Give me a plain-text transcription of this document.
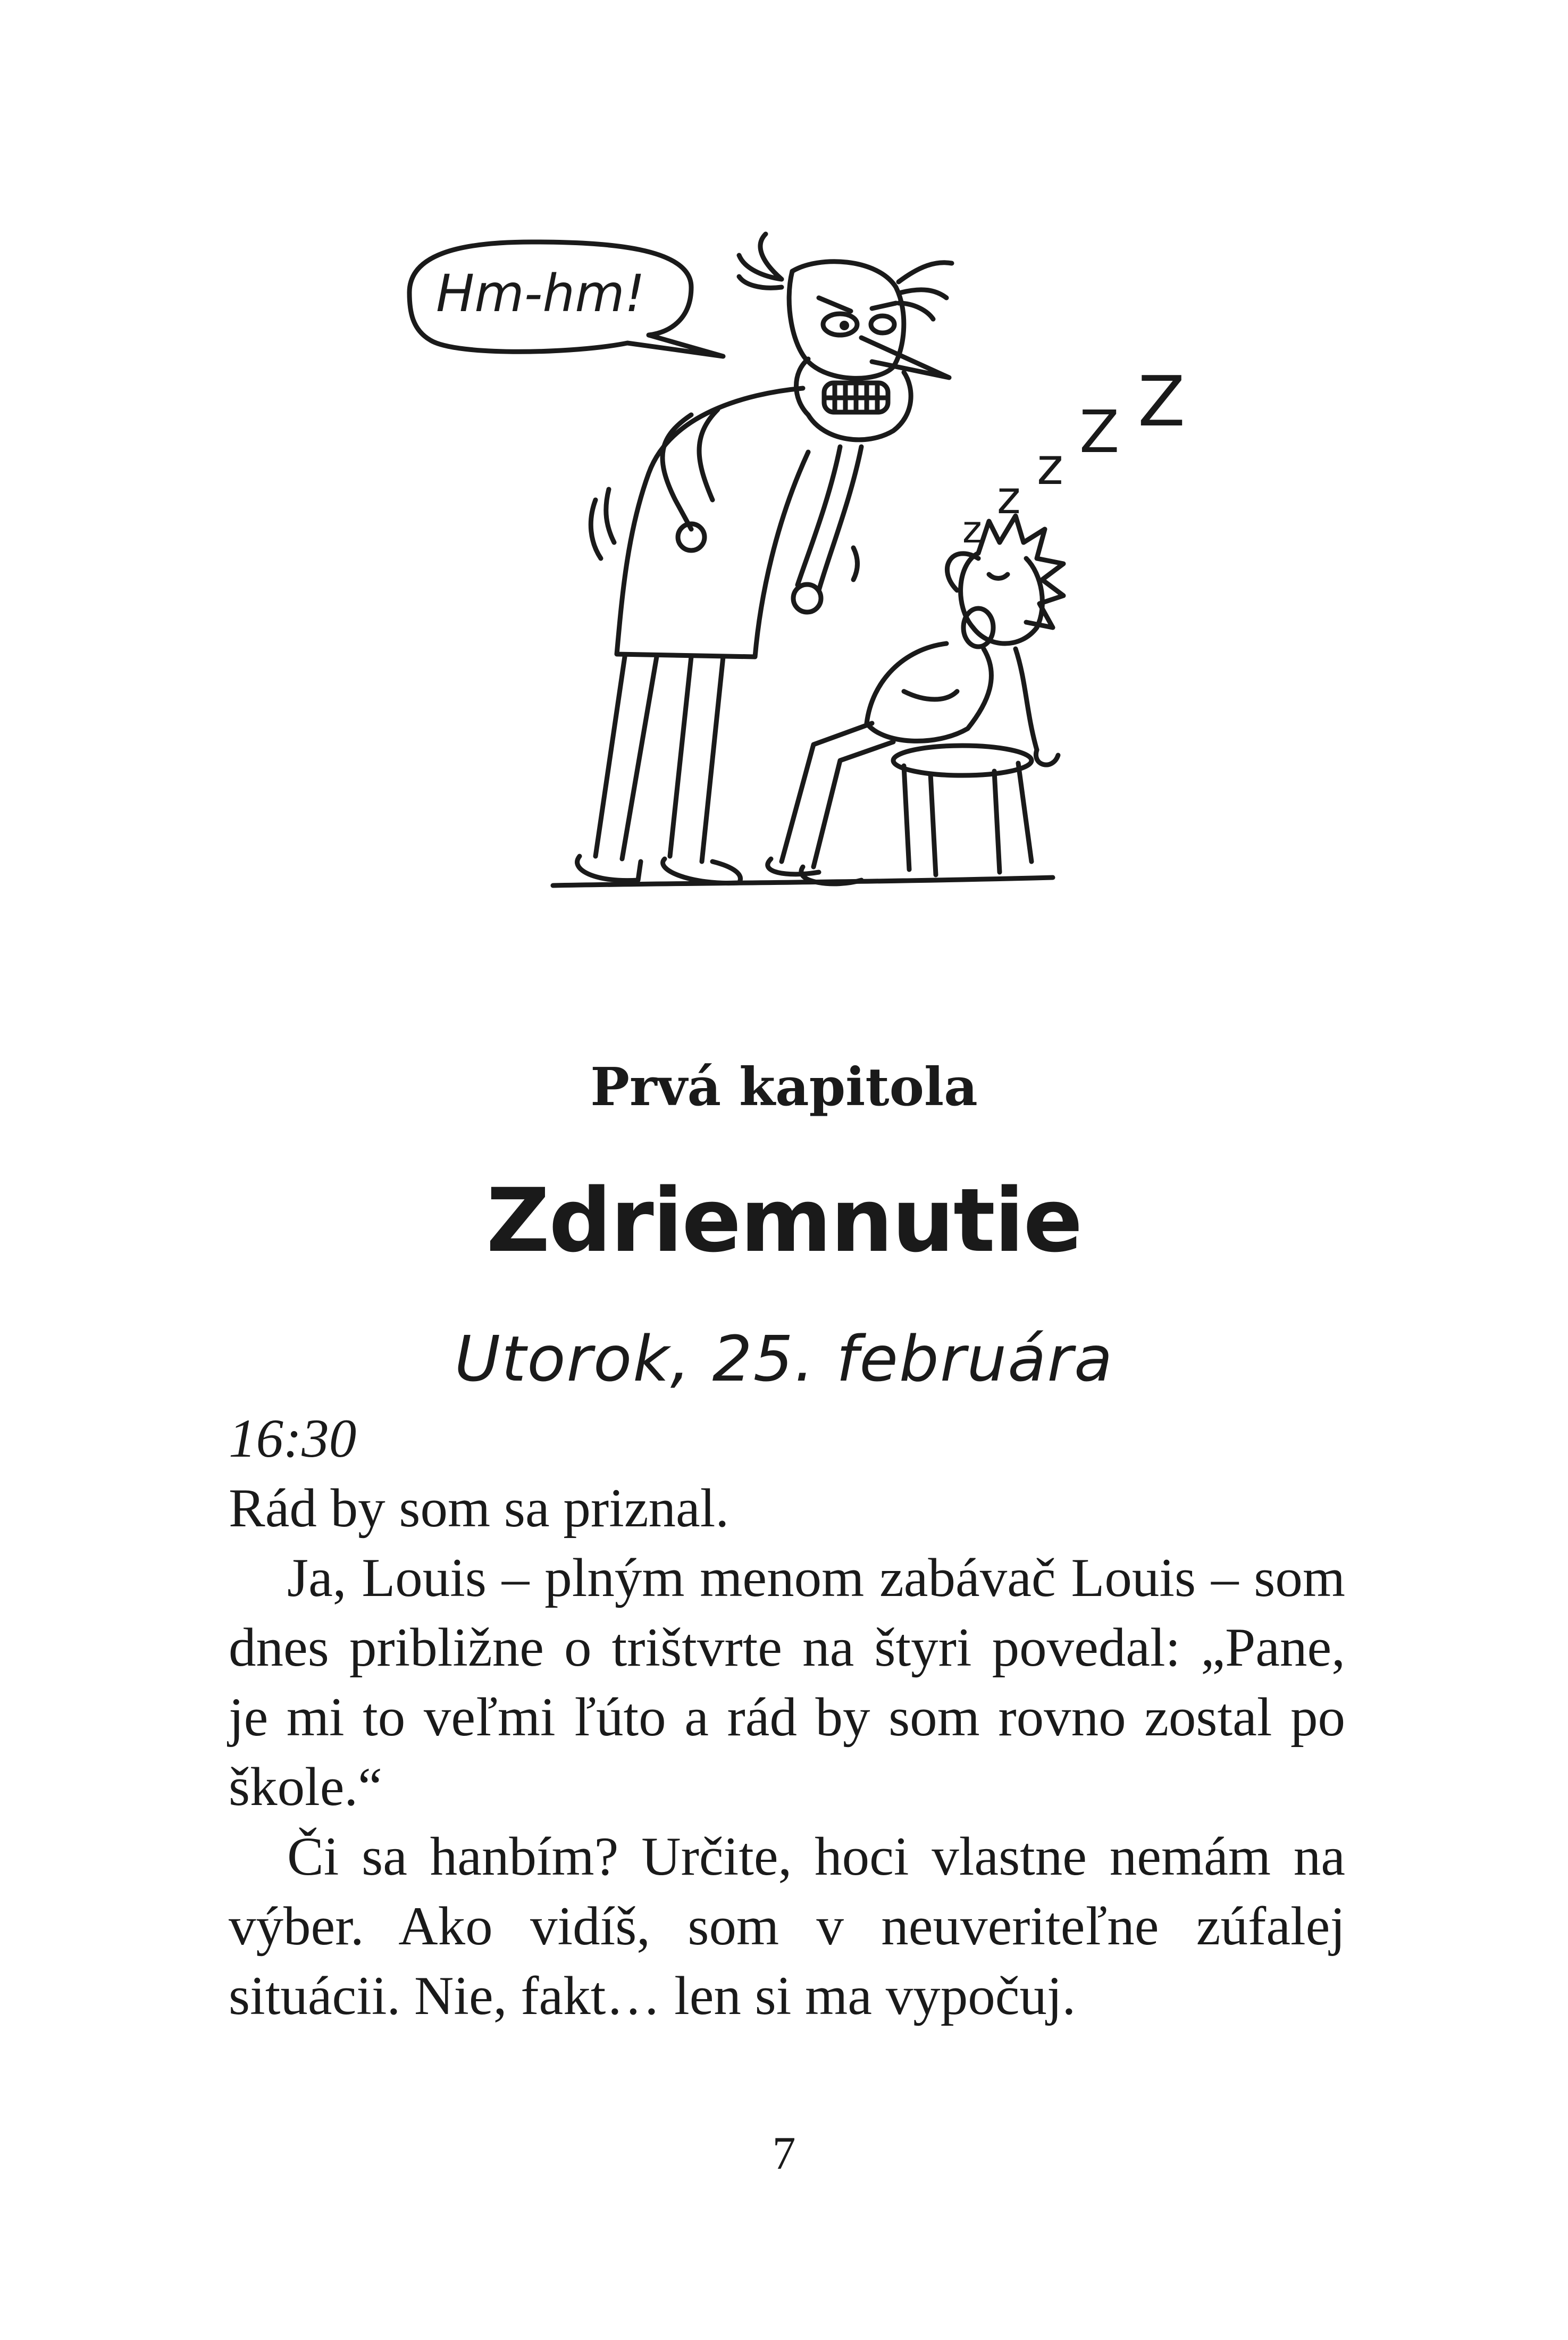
Hm-hm!
z
z
z
Z Z
Prvá kapitola
Zdriemnutie
Utorok, 25. februára

16:30

Rád by som sa priznal.

Ja, Louis – plným menom zabávač Louis – som dnes približne o trištvrte na štyri povedal: „Pane, je mi to veľmi ľúto a rád by som rovno zostal po škole.“

Či sa hanbím? Určite, hoci vlastne nemám na výber. Ako vidíš, som v neuveriteľne zúfalej situácii. Nie, fakt… len si ma vypočuj.

7
